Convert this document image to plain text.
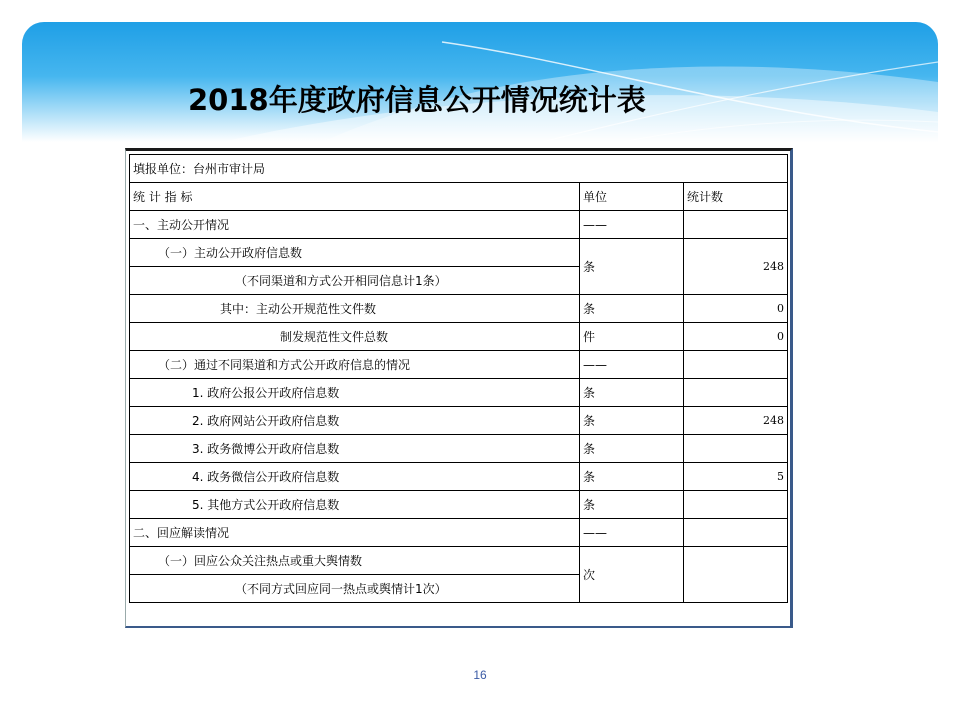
2018年度政府信息公开情况统计表
填报单位：台州市审计局		
统 计 指 标	单位	统计数
一、主动公开情况	——	
（一）主动公开政府信息数	条	248
（不同渠道和方式公开相同信息计1条）		
其中：主动公开规范性文件数	条	0
制发规范性文件总数	件	0
（二）通过不同渠道和方式公开政府信息的情况	——	
1. 政府公报公开政府信息数	条	
2. 政府网站公开政府信息数	条	248
3. 政务微博公开政府信息数	条	
4. 政务微信公开政府信息数	条	5
5. 其他方式公开政府信息数	条	
二、回应解读情况	——	
（一）回应公众关注热点或重大舆情数	次	
（不同方式回应同一热点或舆情计1次）		
16
